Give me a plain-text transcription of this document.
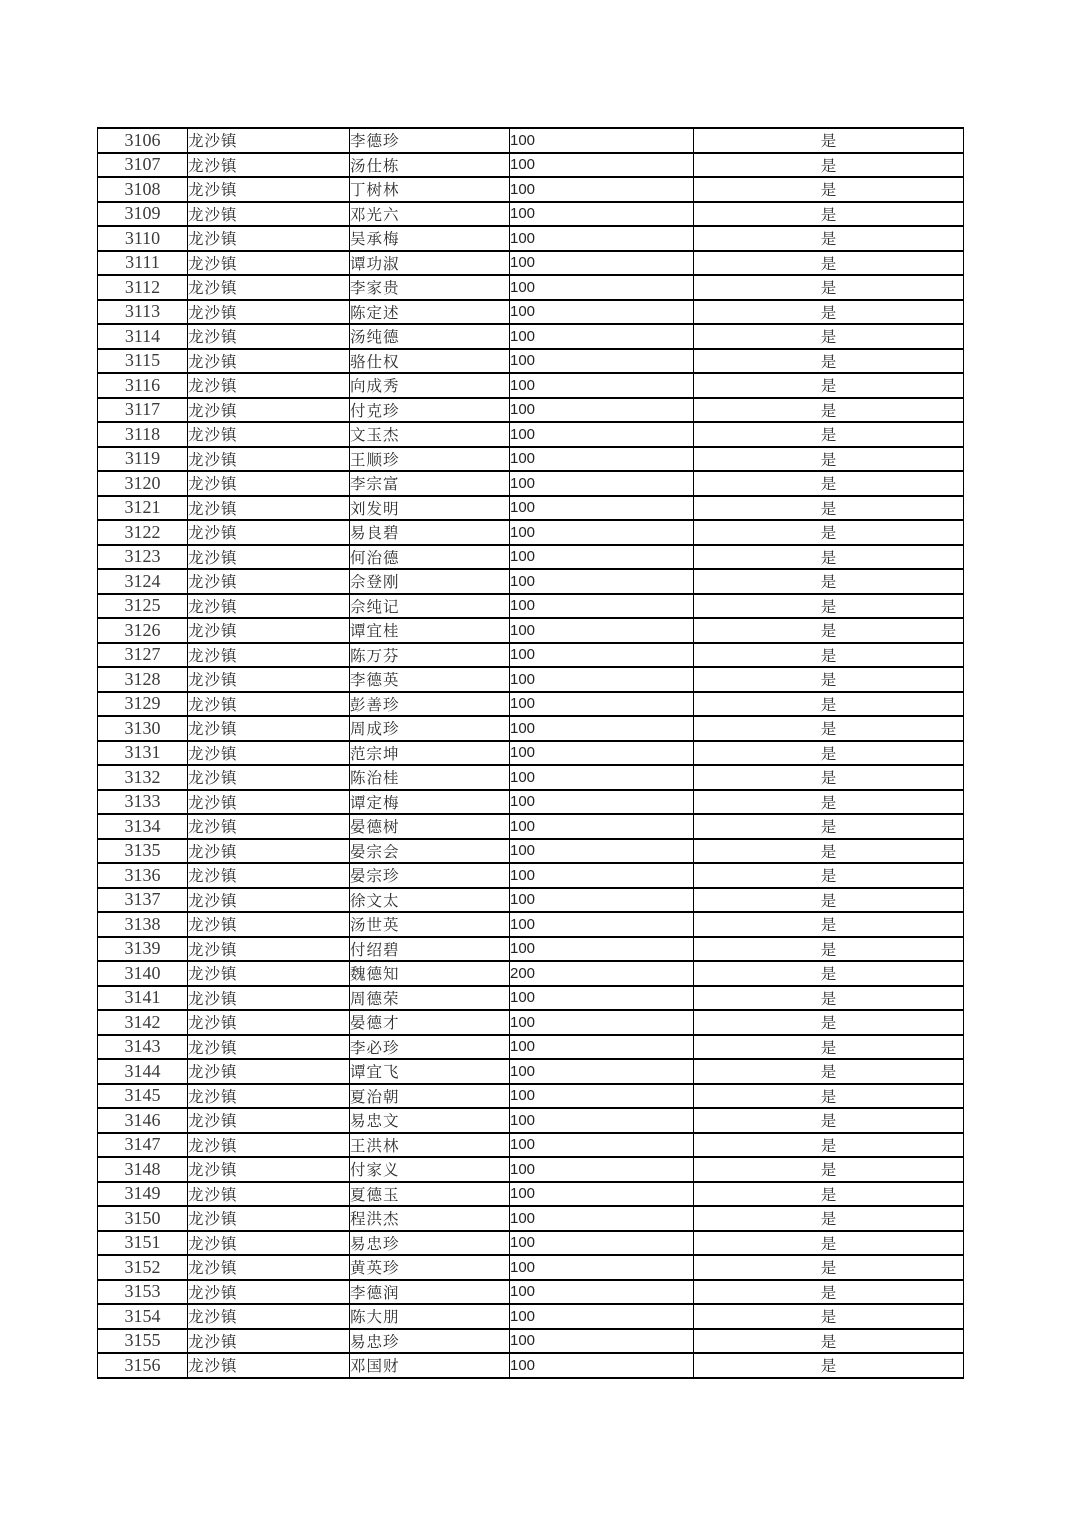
3106	龙沙镇	李德珍	100	是
3107	龙沙镇	汤仕栋	100	是
3108	龙沙镇	丁树林	100	是
3109	龙沙镇	邓光六	100	是
3110	龙沙镇	吴承梅	100	是
3111	龙沙镇	谭功淑	100	是
3112	龙沙镇	李家贵	100	是
3113	龙沙镇	陈定述	100	是
3114	龙沙镇	汤纯德	100	是
3115	龙沙镇	骆仕权	100	是
3116	龙沙镇	向成秀	100	是
3117	龙沙镇	付克珍	100	是
3118	龙沙镇	文玉杰	100	是
3119	龙沙镇	王顺珍	100	是
3120	龙沙镇	李宗富	100	是
3121	龙沙镇	刘发明	100	是
3122	龙沙镇	易良碧	100	是
3123	龙沙镇	何治德	100	是
3124	龙沙镇	佘登刚	100	是
3125	龙沙镇	佘纯记	100	是
3126	龙沙镇	谭宜桂	100	是
3127	龙沙镇	陈万芬	100	是
3128	龙沙镇	李德英	100	是
3129	龙沙镇	彭善珍	100	是
3130	龙沙镇	周成珍	100	是
3131	龙沙镇	范宗坤	100	是
3132	龙沙镇	陈治桂	100	是
3133	龙沙镇	谭定梅	100	是
3134	龙沙镇	晏德树	100	是
3135	龙沙镇	晏宗会	100	是
3136	龙沙镇	晏宗珍	100	是
3137	龙沙镇	徐文太	100	是
3138	龙沙镇	汤世英	100	是
3139	龙沙镇	付绍碧	100	是
3140	龙沙镇	魏德知	200	是
3141	龙沙镇	周德荣	100	是
3142	龙沙镇	晏德才	100	是
3143	龙沙镇	李必珍	100	是
3144	龙沙镇	谭宜飞	100	是
3145	龙沙镇	夏治朝	100	是
3146	龙沙镇	易忠文	100	是
3147	龙沙镇	王洪林	100	是
3148	龙沙镇	付家义	100	是
3149	龙沙镇	夏德玉	100	是
3150	龙沙镇	程洪杰	100	是
3151	龙沙镇	易忠珍	100	是
3152	龙沙镇	黄英珍	100	是
3153	龙沙镇	李德润	100	是
3154	龙沙镇	陈大朋	100	是
3155	龙沙镇	易忠珍	100	是
3156	龙沙镇	邓国财	100	是
